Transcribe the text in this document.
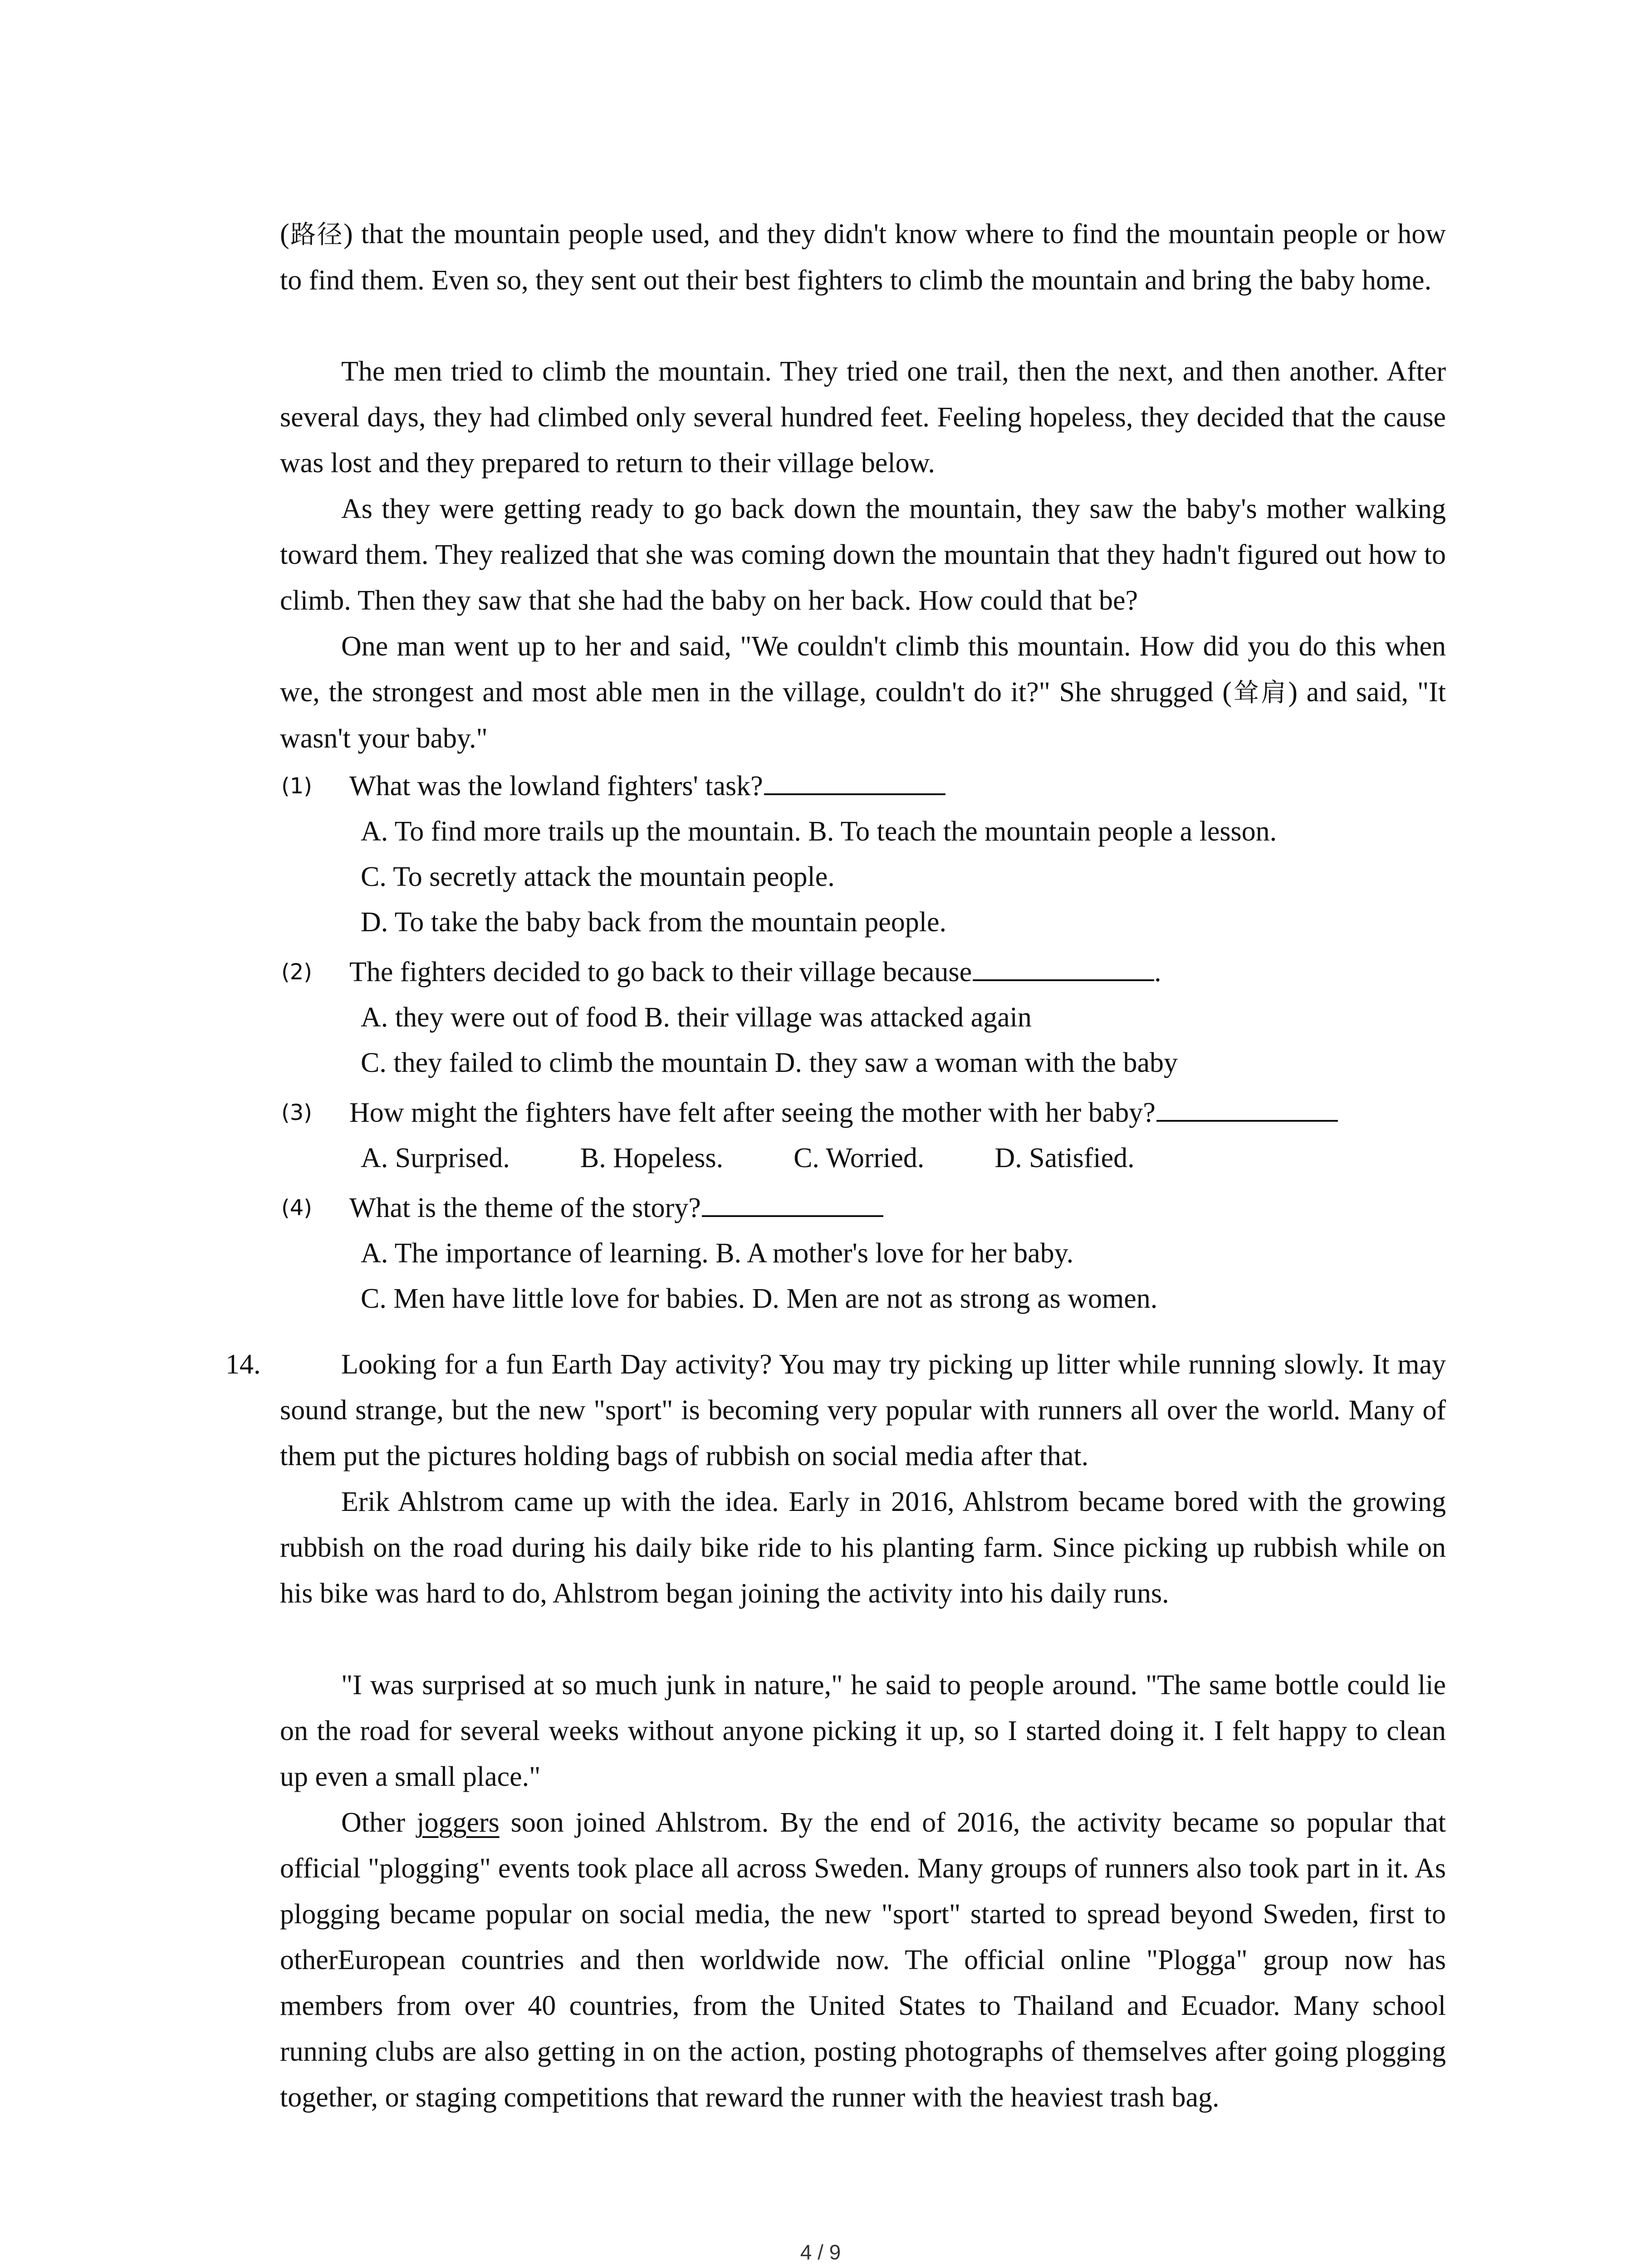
(路径) that the mountain people used, and they didn't know where to find the mountain people or how to find them. Even so, they sent out their best fighters to climb the mountain and bring the baby home.

The men tried to climb the mountain. They tried one trail, then the next, and then another. After several days, they had climbed only several hundred feet. Feeling hopeless, they decided that the cause was lost and they prepared to return to their village below.

As they were getting ready to go back down the mountain, they saw the baby's mother walking toward them. They realized that she was coming down the mountain that they hadn't figured out how to climb. Then they saw that she had the baby on her back. How could that be?

One man went up to her and said, "We couldn't climb this mountain. How did you do this when we, the strongest and most able men in the village, couldn't do it?" She shrugged (耸肩) and said, "It wasn't your baby."

(1) What was the lowland fighters' task?

A. To find more trails up the mountain. B. To teach the mountain people a lesson.

C. To secretly attack the mountain people.

D. To take the baby back from the mountain people.

(2) The fighters decided to go back to their village because	.

A. they were out of food B. their village was attacked again

C. they failed to climb the mountain D. they saw a woman with the baby

(3) How might the fighters have felt after seeing the mother with her baby?

A. Surprised.          B. Hopeless.          C. Worried.          D. Satisfied.

(4) What is the theme of the story?

A. The importance of learning. B. A mother's love for her baby.

C. Men have little love for babies. D. Men are not as strong as women.

14.	Looking for a fun Earth Day activity? You may try picking up litter while running slowly. It may sound strange, but the new "sport" is becoming very popular with runners all over the world. Many of them put the pictures holding bags of rubbish on social media after that.

Erik Ahlstrom came up with the idea. Early in 2016, Ahlstrom became bored with the growing rubbish on the road during his daily bike ride to his planting farm. Since picking up rubbish while on his bike was hard to do, Ahlstrom began joining the activity into his daily runs.

"I was surprised at so much junk in nature," he said to people around. "The same bottle could lie on the road for several weeks without anyone picking it up, so I started doing it. I felt happy to clean up even a small place."

Other joggers soon joined Ahlstrom. By the end of 2016, the activity became so popular that official "plogging" events took place all across Sweden. Many groups of runners also took part in it. As plogging became popular on social media, the new "sport" started to spread beyond Sweden, first to otherEuropean countries and then worldwide now. The official online "Plogga" group now has members from over 40 countries, from the United States to Thailand and Ecuador. Many school running clubs are also getting in on the action, posting photographs of themselves after going plogging together, or staging competitions that reward the runner with the heaviest trash bag.

4 / 9
